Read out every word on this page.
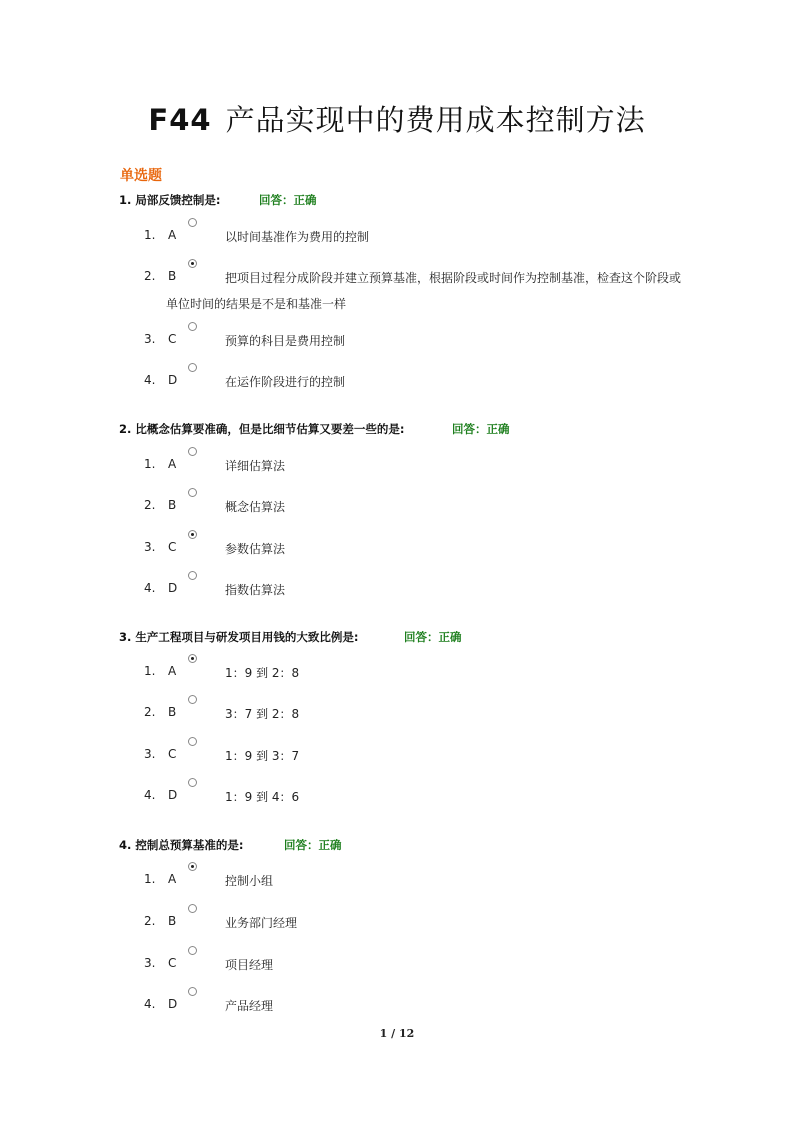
F44 产品实现中的费用成本控制方法
单选题
1. 局部反馈控制是:	回答：正确
1. A	以时间基准作为费用的控制
2. B	把项目过程分成阶段并建立预算基准，根据阶段或时间作为控制基准，检查这个阶段或
单位时间的结果是不是和基准一样
3. C	预算的科目是费用控制
4. D	在运作阶段进行的控制
2. 比概念估算要准确，但是比细节估算又要差一些的是:	回答：正确
1. A	详细估算法
2. B	概念估算法
3. C	参数估算法
4. D	指数估算法
3. 生产工程项目与研发项目用钱的大致比例是:	回答：正确
1. A	1：9 到 2：8
2. B	3：7 到 2：8
3. C	1：9 到 3：7
4. D	1：9 到 4：6
4. 控制总预算基准的是:	回答：正确
1. A	控制小组
2. B	业务部门经理
3. C	项目经理
4. D	产品经理
1 / 12
